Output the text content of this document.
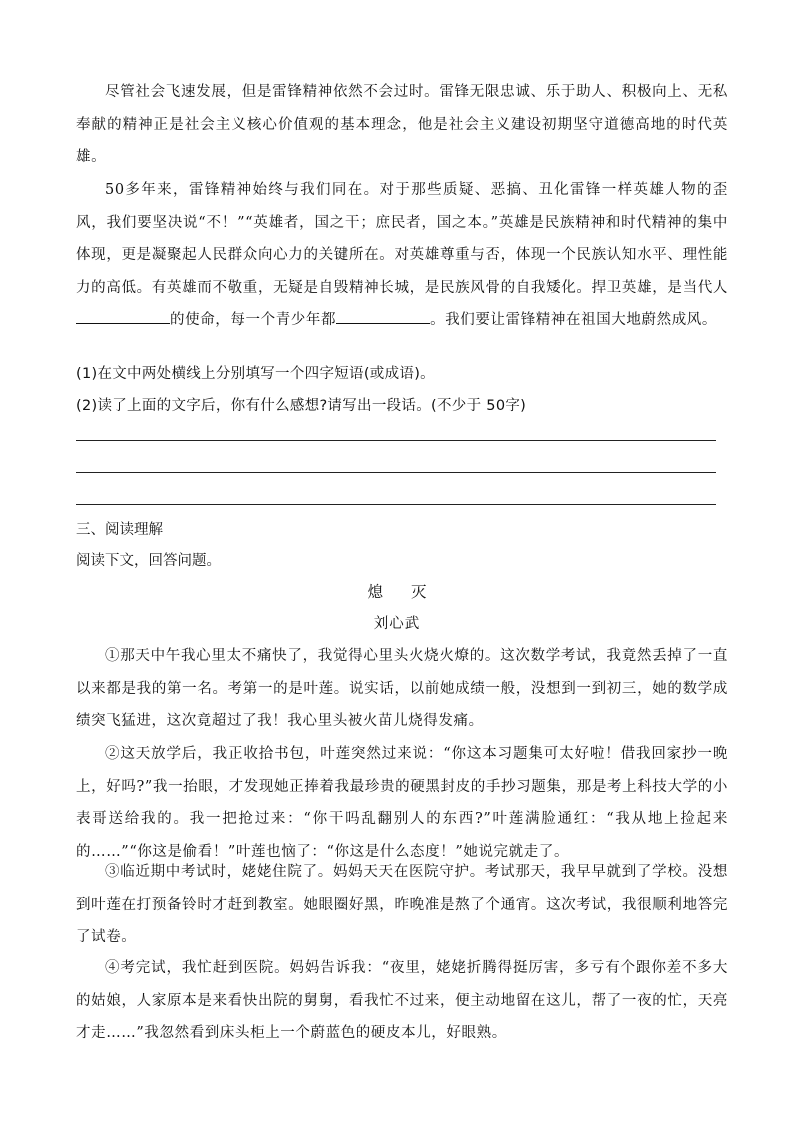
尽管社会飞速发展，但是雷锋精神依然不会过时。雷锋无限忠诚、乐于助人、积极向上、无私奉献的精神正是社会主义核心价值观的基本理念，他是社会主义建设初期坚守道德高地的时代英雄。

50多年来，雷锋精神始终与我们同在。对于那些质疑、恶搞、丑化雷锋一样英雄人物的歪风，我们要坚决说“不！”“英雄者，国之干；庶民者，国之本。”英雄是民族精神和时代精神的集中体现，更是凝聚起人民群众向心力的关键所在。对英雄尊重与否，体现一个民族认知水平、理性能力的高低。有英雄而不敬重，无疑是自毁精神长城，是民族风骨的自我矮化。捍卫英雄，是当代人的使命，每一个青少年都	。我们要让雷锋精神在祖国大地蔚然成风。

(1)在文中两处横线上分别填写一个四字短语(或成语)。

(2)读了上面的文字后，你有什么感想?请写出一段话。(不少于 50字)

三、阅读理解

阅读下文，回答问题。

熄灭

刘心武

①那天中午我心里太不痛快了，我觉得心里头火烧火燎的。这次数学考试，我竟然丢掉了一直以来都是我的第一名。考第一的是叶莲。说实话，以前她成绩一般，没想到一到初三，她的数学成绩突飞猛进，这次竟超过了我！我心里头被火苗儿烧得发痛。

②这天放学后，我正收拾书包，叶莲突然过来说：“你这本习题集可太好啦！借我回家抄一晚上，好吗?”我一抬眼，才发现她正捧着我最珍贵的硬黑封皮的手抄习题集，那是考上科技大学的小表哥送给我的。我一把抢过来：“你干吗乱翻别人的东西?”叶莲满脸通红：“我从地上捡起来的……”“你这是偷看！”叶莲也恼了：“你这是什么态度！”她说完就走了。

③临近期中考试时，姥姥住院了。妈妈天天在医院守护。考试那天，我早早就到了学校。没想到叶莲在打预备铃时才赶到教室。她眼圈好黑，昨晚准是熬了个通宵。这次考试，我很顺利地答完了试卷。

④考完试，我忙赶到医院。妈妈告诉我：“夜里，姥姥折腾得挺厉害，多亏有个跟你差不多大的姑娘，人家原本是来看快出院的舅舅，看我忙不过来，便主动地留在这儿，帮了一夜的忙，天亮才走……”我忽然看到床头柜上一个蔚蓝色的硬皮本儿，好眼熟。
